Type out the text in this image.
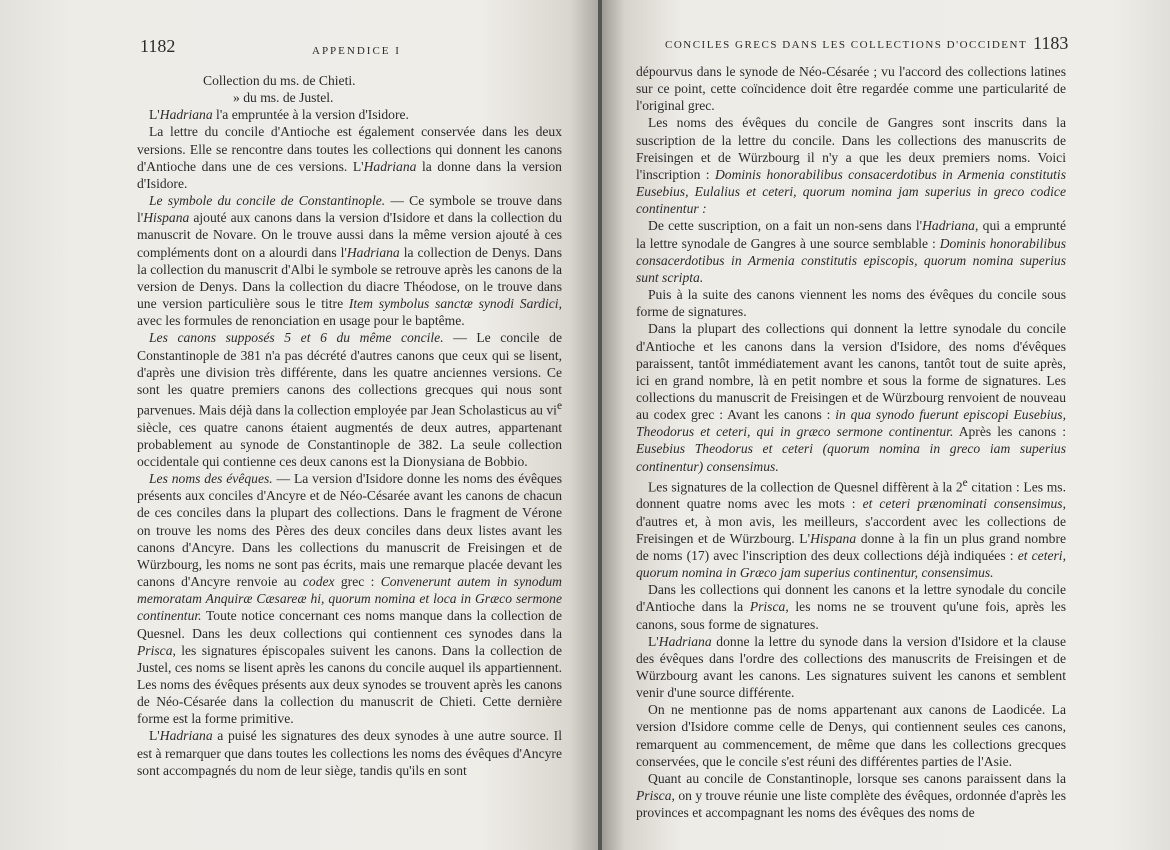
1182	APPENDICE I

Collection du ms. de Chieti.

» du ms. de Justel.

L'Hadriana l'a empruntée à la version d'Isidore.

La lettre du concile d'Antioche est également conservée dans les deux versions. Elle se rencontre dans toutes les collections qui donnent les canons d'Antioche dans une de ces versions. L'Hadriana la donne dans la version d'Isidore.

Le symbole du concile de Constantinople. — Ce symbole se trouve dans l'Hispana ajouté aux canons dans la version d'Isidore et dans la collection du manuscrit de Novare. On le trouve aussi dans la même version ajouté à ces compléments dont on a alourdi dans l'Hadriana la collection de Denys. Dans la collection du manuscrit d'Albi le symbole se retrouve après les canons de la version de Denys. Dans la collection du diacre Théodose, on le trouve dans une version particulière sous le titre Item symbolus sanctæ synodi Sardici, avec les formules de renonciation en usage pour le baptême.

Les canons supposés 5 et 6 du même concile. — Le concile de Constantinople de 381 n'a pas décrété d'autres canons que ceux qui se lisent, d'après une division très différente, dans les quatre anciennes versions. Ce sont les quatre premiers canons des collections grecques qui nous sont parvenues. Mais déjà dans la collection employée par Jean Scholasticus au $vi^e$ siècle, ces quatre canons étaient augmentés de deux autres, appartenant probablement au synode de Constantinople de 382. La seule collection occidentale qui contienne ces deux canons est la Dionysiana de Bobbio.

Les noms des évêques. — La version d'Isidore donne les noms des évêques présents aux conciles d'Ancyre et de Néo-Césarée avant les canons de chacun de ces conciles dans la plupart des collections. Dans le fragment de Vérone on trouve les noms des Pères des deux conciles dans deux listes avant les canons d'Ancyre. Dans les collections du manuscrit de Freisingen et de Würzbourg, les noms ne sont pas écrits, mais une remarque placée devant les canons d'Ancyre renvoie au codex grec : Convenerunt autem in synodum memoratam Anquiræ Cæsareæ hi, quorum nomina et loca in Græco sermone continentur. Toute notice concernant ces noms manque dans la collection de Quesnel. Dans les deux collections qui contiennent ces synodes dans la Prisca, les signatures épiscopales suivent les canons. Dans la collection de Justel, ces noms se lisent après les canons du concile auquel ils appartiennent. Les noms des évêques présents aux deux synodes se trouvent après les canons de Néo-Césarée dans la collection du manuscrit de Chieti. Cette dernière forme est la forme primitive.

L'Hadriana a puisé les signatures des deux synodes à une autre source. Il est à remarquer que dans toutes les collections les noms des évêques d'Ancyre sont accompagnés du nom de leur siège, tandis qu'ils en sont

CONCILES GRECS DANS LES COLLECTIONS D'OCCIDENT 1183

dépourvus dans le synode de Néo-Césarée ; vu l'accord des collections latines sur ce point, cette coïncidence doit être regardée comme une particularité de l'original grec.

Les noms des évêques du concile de Gangres sont inscrits dans la suscription de la lettre du concile. Dans les collections des manuscrits de Freisingen et de Würzbourg il n'y a que les deux premiers noms. Voici l'inscription : Dominis honorabilibus consacerdotibus in Armenia constitutis Eusebius, Eulalius et ceteri, quorum nomina jam superius in greco codice continentur :

De cette suscription, on a fait un non-sens dans l'Hadriana, qui a emprunté la lettre synodale de Gangres à une source semblable : Dominis honorabilibus consacerdotibus in Armenia constitutis episcopis, quorum nomina superius sunt scripta.

Puis à la suite des canons viennent les noms des évêques du concile sous forme de signatures.

Dans la plupart des collections qui donnent la lettre synodale du concile d'Antioche et les canons dans la version d'Isidore, des noms d'évêques paraissent, tantôt immédiatement avant les canons, tantôt tout de suite après, ici en grand nombre, là en petit nombre et sous la forme de signatures. Les collections du manuscrit de Freisingen et de Würzbourg renvoient de nouveau au codex grec : Avant les canons : in qua synodo fuerunt episcopi Eusebius, Theodorus et ceteri, qui in græco sermone continentur. Après les canons : Eusebius Theodorus et ceteri (quorum nomina in greco iam superius continentur) consensimus.

Les signatures de la collection de Quesnel diffèrent à la 2e citation : Les ms. donnent quatre noms avec les mots : et ceteri prænominati consensimus, d'autres et, à mon avis, les meilleurs, s'accordent avec les collections de Freisingen et de Würzbourg. L'Hispana donne à la fin un plus grand nombre de noms (17) avec l'inscription des deux collections déjà indiquées : et ceteri, quorum nomina in Græco jam superius continentur, consensimus.

Dans les collections qui donnent les canons et la lettre synodale du concile d'Antioche dans la Prisca, les noms ne se trouvent qu'une fois, après les canons, sous forme de signatures.

L'Hadriana donne la lettre du synode dans la version d'Isidore et la clause des évêques dans l'ordre des collections des manuscrits de Freisingen et de Würzbourg avant les canons. Les signatures suivent les canons et semblent venir d'une source différente.

On ne mentionne pas de noms appartenant aux canons de Laodicée. La version d'Isidore comme celle de Denys, qui contiennent seules ces canons, remarquent au commencement, de même que dans les collections grecques conservées, que le concile s'est réuni des différentes parties de l'Asie.

Quant au concile de Constantinople, lorsque ses canons paraissent dans la Prisca, on y trouve réunie une liste complète des évêques, ordonnée d'après les provinces et accompagnant les noms des évêques des noms de
